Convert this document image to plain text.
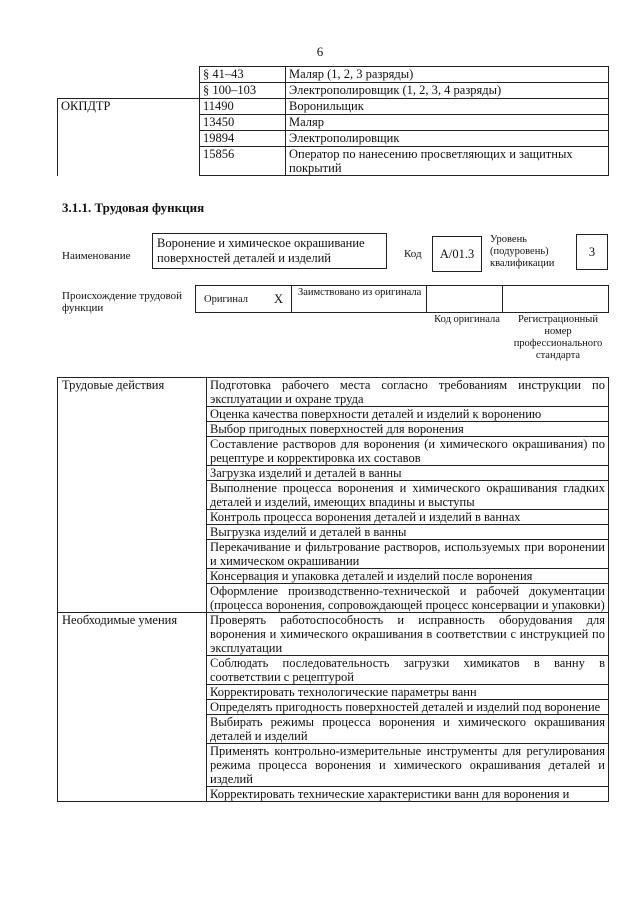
6
	§ 41–43	Маляр (1, 2, 3 разряды)
	§ 100–103	Электрополировщик (1, 2, 3, 4 разряды)
ОКПДТР	11490	Воронильщик
	13450	Маляр
	19894	Электрополировщик
	15856	Оператор по нанесению просветляющих и защитных покрытий
3.1.1. Трудовая функция
Наименование
Воронение и химическое окрашивание поверхностей деталей и изделий	Код	A/01.3
Уровень (подуровень) квалификации
3
Происхождение трудовой функции
Оригинал X Заимствовано из оригинала
Код оригинала	Регистрационный номер профессионального стандарта
Трудовые действия	Подготовка рабочего места согласно требованиям инструкции по эксплуатации и охране труда
	Оценка качества поверхности деталей и изделий к воронению
	Выбор пригодных поверхностей для воронения
	Составление растворов для воронения (и химического окрашивания) по рецептуре и корректировка их составов
	Загрузка изделий и деталей в ванны
	Выполнение процесса воронения и химического окрашивания гладких деталей и изделий, имеющих впадины и выступы
	Контроль процесса воронения деталей и изделий в ваннах
	Выгрузка изделий и деталей в ванны
	Перекачивание и фильтрование растворов, используемых при воронении и химическом окрашивании
	Консервация и упаковка деталей и изделий после воронения
	Оформление производственно-технической и рабочей документации (процесса воронения, сопровождающей процесс консервации и упаковки)
Необходимые умения	Проверять работоспособность и исправность оборудования для воронения и химического окрашивания в соответствии с инструкцией по эксплуатации
	Соблюдать последовательность загрузки химикатов в ванну в соответствии с рецептурой
	Корректировать технологические параметры ванн
	Определять пригодность поверхностей деталей и изделий под воронение
	Выбирать режимы процесса воронения и химического окрашивания деталей и изделий
	Применять контрольно-измерительные инструменты для регулирования режима процесса воронения и химического окрашивания деталей и изделий
	Корректировать технические характеристики ванн для воронения и
